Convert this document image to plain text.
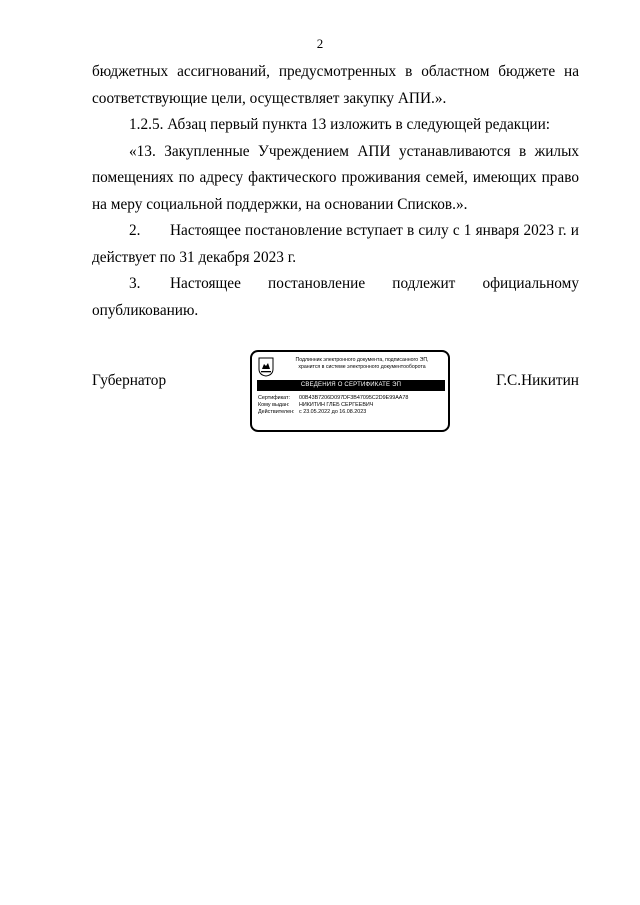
2

бюджетных ассигнований, предусмотренных в областном бюджете на
соответствующие цели, осуществляет закупку АПИ.».

1.2.5. Абзац первый пункта 13 изложить в следующей редакции:

«13. Закупленные Учреждением АПИ устанавливаются в жилых
помещениях по адресу фактического проживания семей, имеющих право
на меру социальной поддержки, на основании Списков.».

2. Настоящее постановление вступает в силу с 1 января 2023 г. и
действует по 31 декабря 2023 г.

3. Настоящее постановление подлежит официальному
опубликованию.

Губернатор
Подлинник электронного документа, подписанного ЭП,
хранится в системе электронного документооборота
СВЕДЕНИЯ О СЕРТИФИКАТЕ ЭП
Сертификат: 00B43B7206D097DF3B47095C2D9E99AA78
Кому выдан: НИКИТИН ГЛЕБ СЕРГЕЕВИЧ
Действителен: с 23.05.2022 до 16.08.2023
Г.С.Никитин
